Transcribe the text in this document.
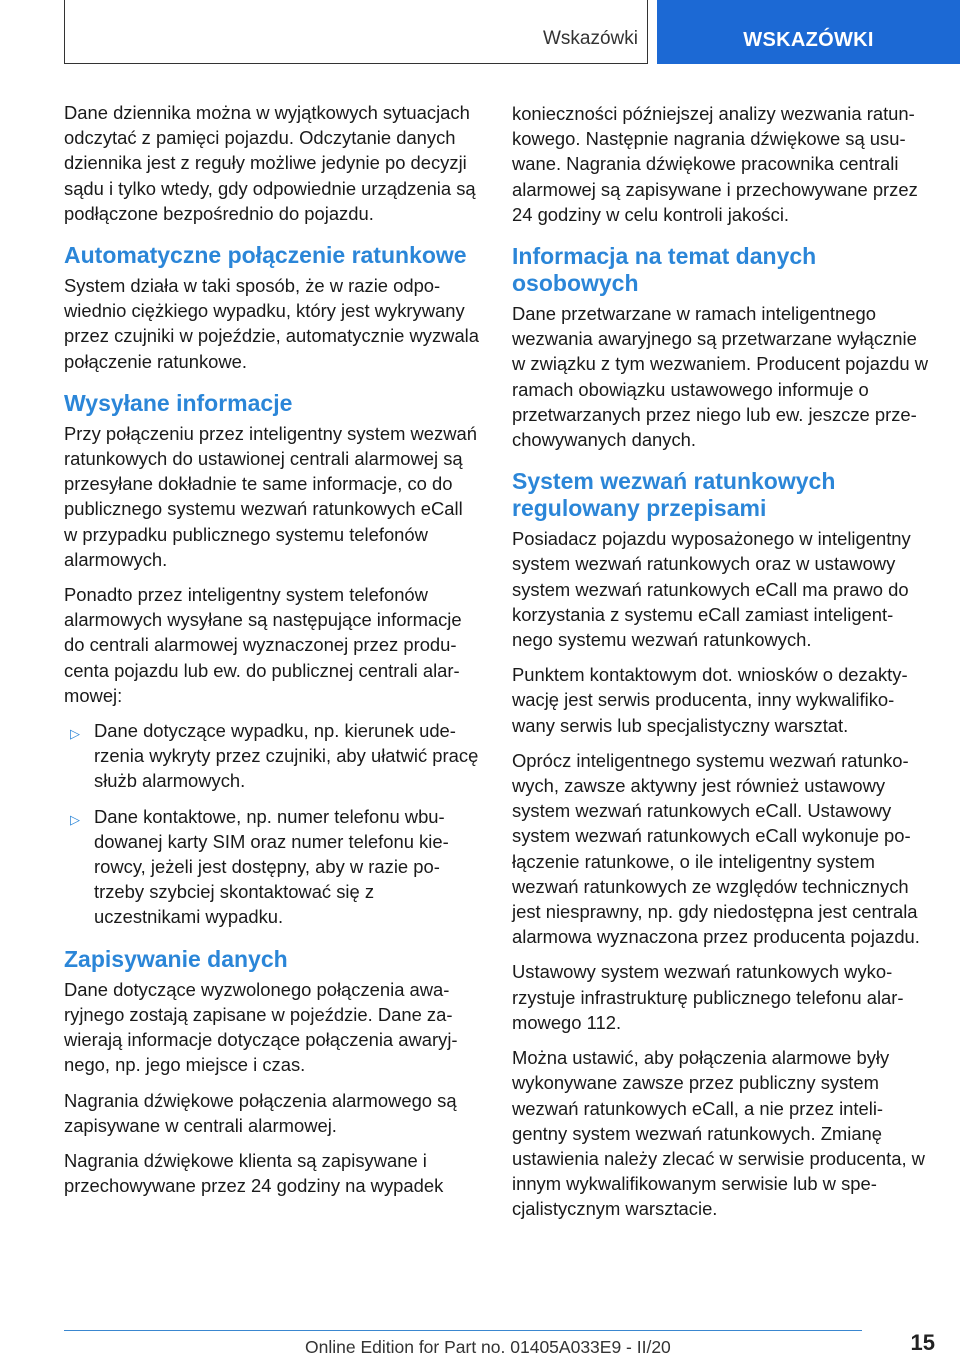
Wskazówki	WSKAZÓWKI

Dane dziennika można w wyjątkowych sytuacjach odczytać z pamięci pojazdu. Odczytanie danych dziennika jest z reguły możliwe jedynie po decyzji sądu i tylko wtedy, gdy odpowiednie urządzenia są podłączone bezpośrednio do pojazdu.

Automatyczne połączenie ratunkowe

System działa w taki sposób, że w razie odpowiednio ciężkiego wypadku, który jest wykrywany przez czujniki w pojeździe, automatycznie wyzwala połączenie ratunkowe.

Wysyłane informacje

Przy połączeniu przez inteligentny system wezwań ratunkowych do ustawionej centrali alarmowej są przesyłane dokładnie te same informacje, co do publicznego systemu wezwań ratunkowych eCall w przypadku publicznego systemu telefonów alarmowych.

Ponadto przez inteligentny system telefonów alarmowych wysyłane są następujące informacje do centrali alarmowej wyznaczonej przez producenta pojazdu lub ew. do publicznej centrali alarmowej:

▷ Dane dotyczące wypadku, np. kierunek uderzenia wykryty przez czujniki, aby ułatwić pracę służb alarmowych.
▷ Dane kontaktowe, np. numer telefonu wbudowanej karty SIM oraz numer telefonu kierowcy, jeżeli jest dostępny, aby w razie potrzeby szybciej skontaktować się z uczestnikami wypadku.
Zapisywanie danych

Dane dotyczące wyzwolonego połączenia awaryjnego zostają zapisane w pojeździe. Dane zawierają informacje dotyczące połączenia awaryjnego, np. jego miejsce i czas.

Nagrania dźwiękowe połączenia alarmowego są zapisywane w centrali alarmowej.

Nagrania dźwiękowe klienta są zapisywane i przechowywane przez 24 godziny na wypadek

konieczności późniejszej analizy wezwania ratunkowego. Następnie nagrania dźwiękowe są usuwane. Nagrania dźwiękowe pracownika centrali alarmowej są zapisywane i przechowywane przez 24 godziny w celu kontroli jakości.

Informacja na temat danych osobowych

Dane przetwarzane w ramach inteligentnego wezwania awaryjnego są przetwarzane wyłącznie w związku z tym wezwaniem. Producent pojazdu w ramach obowiązku ustawowego informuje o przetwarzanych przez niego lub ew. jeszcze przechowywanych danych.

System wezwań ratunkowych regulowany przepisami

Posiadacz pojazdu wyposażonego w inteligentny system wezwań ratunkowych oraz w ustawowy system wezwań ratunkowych eCall ma prawo do korzystania z systemu eCall zamiast inteligentnego systemu wezwań ratunkowych.

Punktem kontaktowym dot. wniosków o dezaktywację jest serwis producenta, inny wykwalifikowany serwis lub specjalistyczny warsztat.

Oprócz inteligentnego systemu wezwań ratunkowych, zawsze aktywny jest również ustawowy system wezwań ratunkowych eCall. Ustawowy system wezwań ratunkowych eCall wykonuje połączenie ratunkowe, o ile inteligentny system wezwań ratunkowych ze względów technicznych jest niesprawny, np. gdy niedostępna jest centrala alarmowa wyznaczona przez producenta pojazdu.

Ustawowy system wezwań ratunkowych wykorzystuje infrastrukturę publicznego telefonu alarmowego 112.

Można ustawić, aby połączenia alarmowe były wykonywane zawsze przez publiczny system wezwań ratunkowych eCall, a nie przez inteligentny system wezwań ratunkowych. Zmianę ustawienia należy zlecać w serwisie producenta, w innym wykwalifikowanym serwisie lub w specjalistycznym warsztacie.

15
Online Edition for Part no. 01405A033E9 - II/20
